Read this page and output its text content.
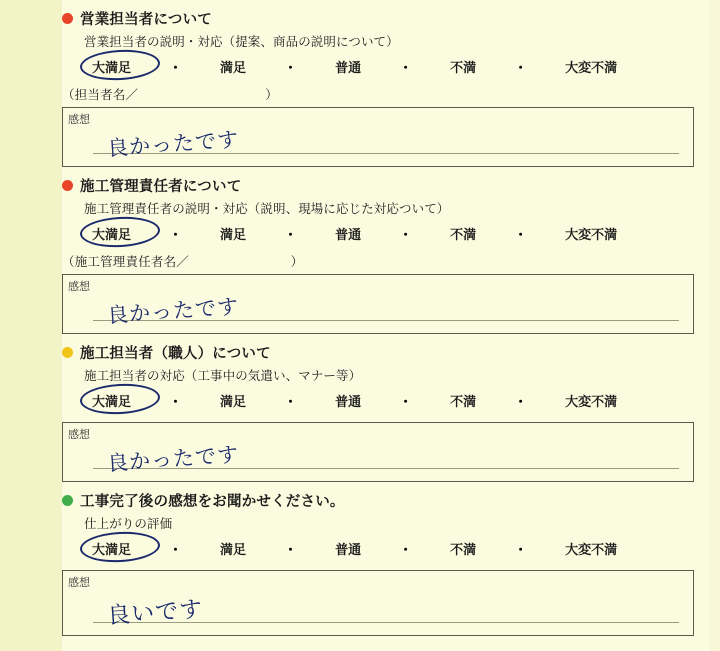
営業担当者について
営業担当者の説明・対応（提案、商品の説明について）
大満足	・	満足	・	普通	・	不満	・	大変不満
（担当者名／　　　　　　　　　　）
感想
良かったです
施工管理責任者について
施工管理責任者の説明・対応（説明、現場に応じた対応ついて）
大満足	・	満足	・	普通	・	不満	・	大変不満
（施工管理責任者名／　　　　　　　　）
感想
良かったです
施工担当者（職人）について
施工担当者の対応（工事中の気遣い、マナー等）
大満足	・	満足	・	普通	・	不満	・	大変不満
感想
良かったです
工事完了後の感想をお聞かせください。
仕上がりの評価
大満足	・	満足	・	普通	・	不満	・	大変不満
感想
良いです
